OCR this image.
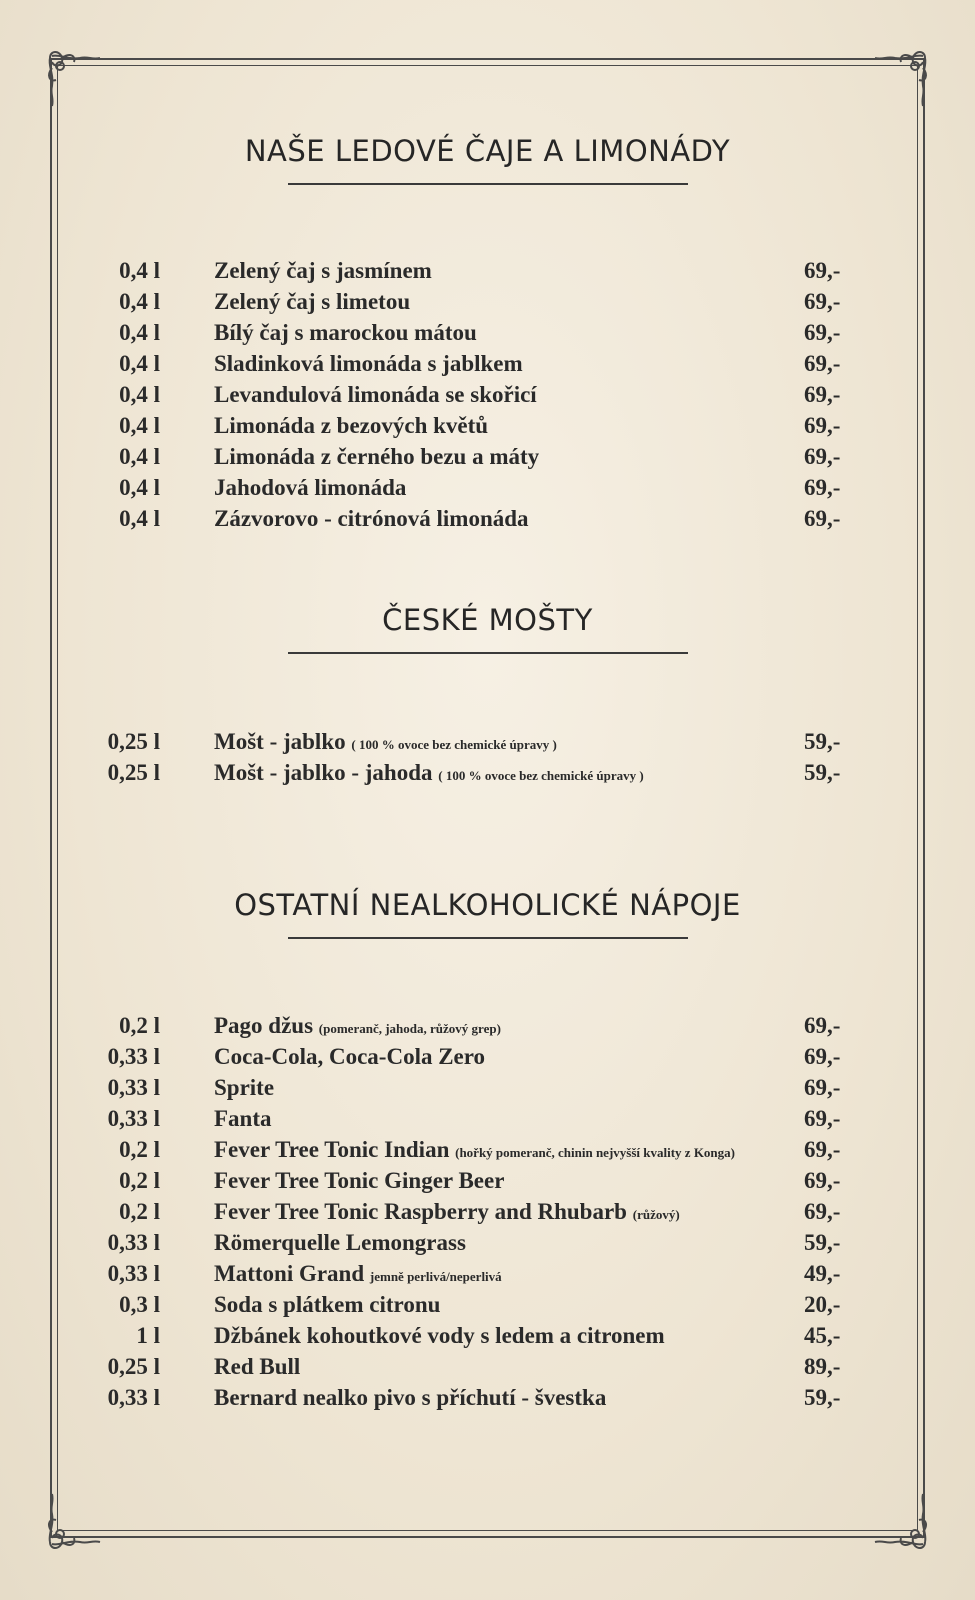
NAŠE LEDOVÉ ČAJE A LIMONÁDY
0,4 l Zelený čaj s jasmínem	69,-
0,4 l Zelený čaj s limetou	69,-
0,4 l Bílý čaj s marockou mátou	69,-
0,4 l Sladinková limonáda s jablkem	69,-
0,4 l Levandulová limonáda se skořicí	69,-
0,4 l Limonáda z bezových květů	69,-
0,4 l Limonáda z černého bezu a máty	69,-
0,4 l Jahodová limonáda	69,-
0,4 l Zázvorovo - citrónová limonáda	69,-
ČESKÉ MOŠTY
0,25 l Mošt - jablko ( 100 % ovoce bez chemické úpravy )	59,-
0,25 l Mošt - jablko - jahoda ( 100 % ovoce bez chemické úpravy )	59,-
OSTATNÍ NEALKOHOLICKÉ NÁPOJE
0,2 l Pago džus (pomeranč, jahoda, růžový grep)	69,-
0,33 l Coca-Cola, Coca-Cola Zero	69,-
0,33 l Sprite	69,-
0,33 l Fanta	69,-
0,2 l Fever Tree Tonic Indian (hořký pomeranč, chinin nejvyšší kvality z Konga)	69,-
0,2 l Fever Tree Tonic Ginger Beer	69,-
0,2 l Fever Tree Tonic Raspberry and Rhubarb (růžový)	69,-
0,33 l Römerquelle Lemongrass	59,-
0,33 l Mattoni Grand jemně perlivá/neperlivá	49,-
0,3 l Soda s plátkem citronu	20,-
1 l Džbánek kohoutkové vody s ledem a citronem	45,-
0,25 l Red Bull	89,-
0,33 l Bernard nealko pivo s příchutí - švestka	59,-
